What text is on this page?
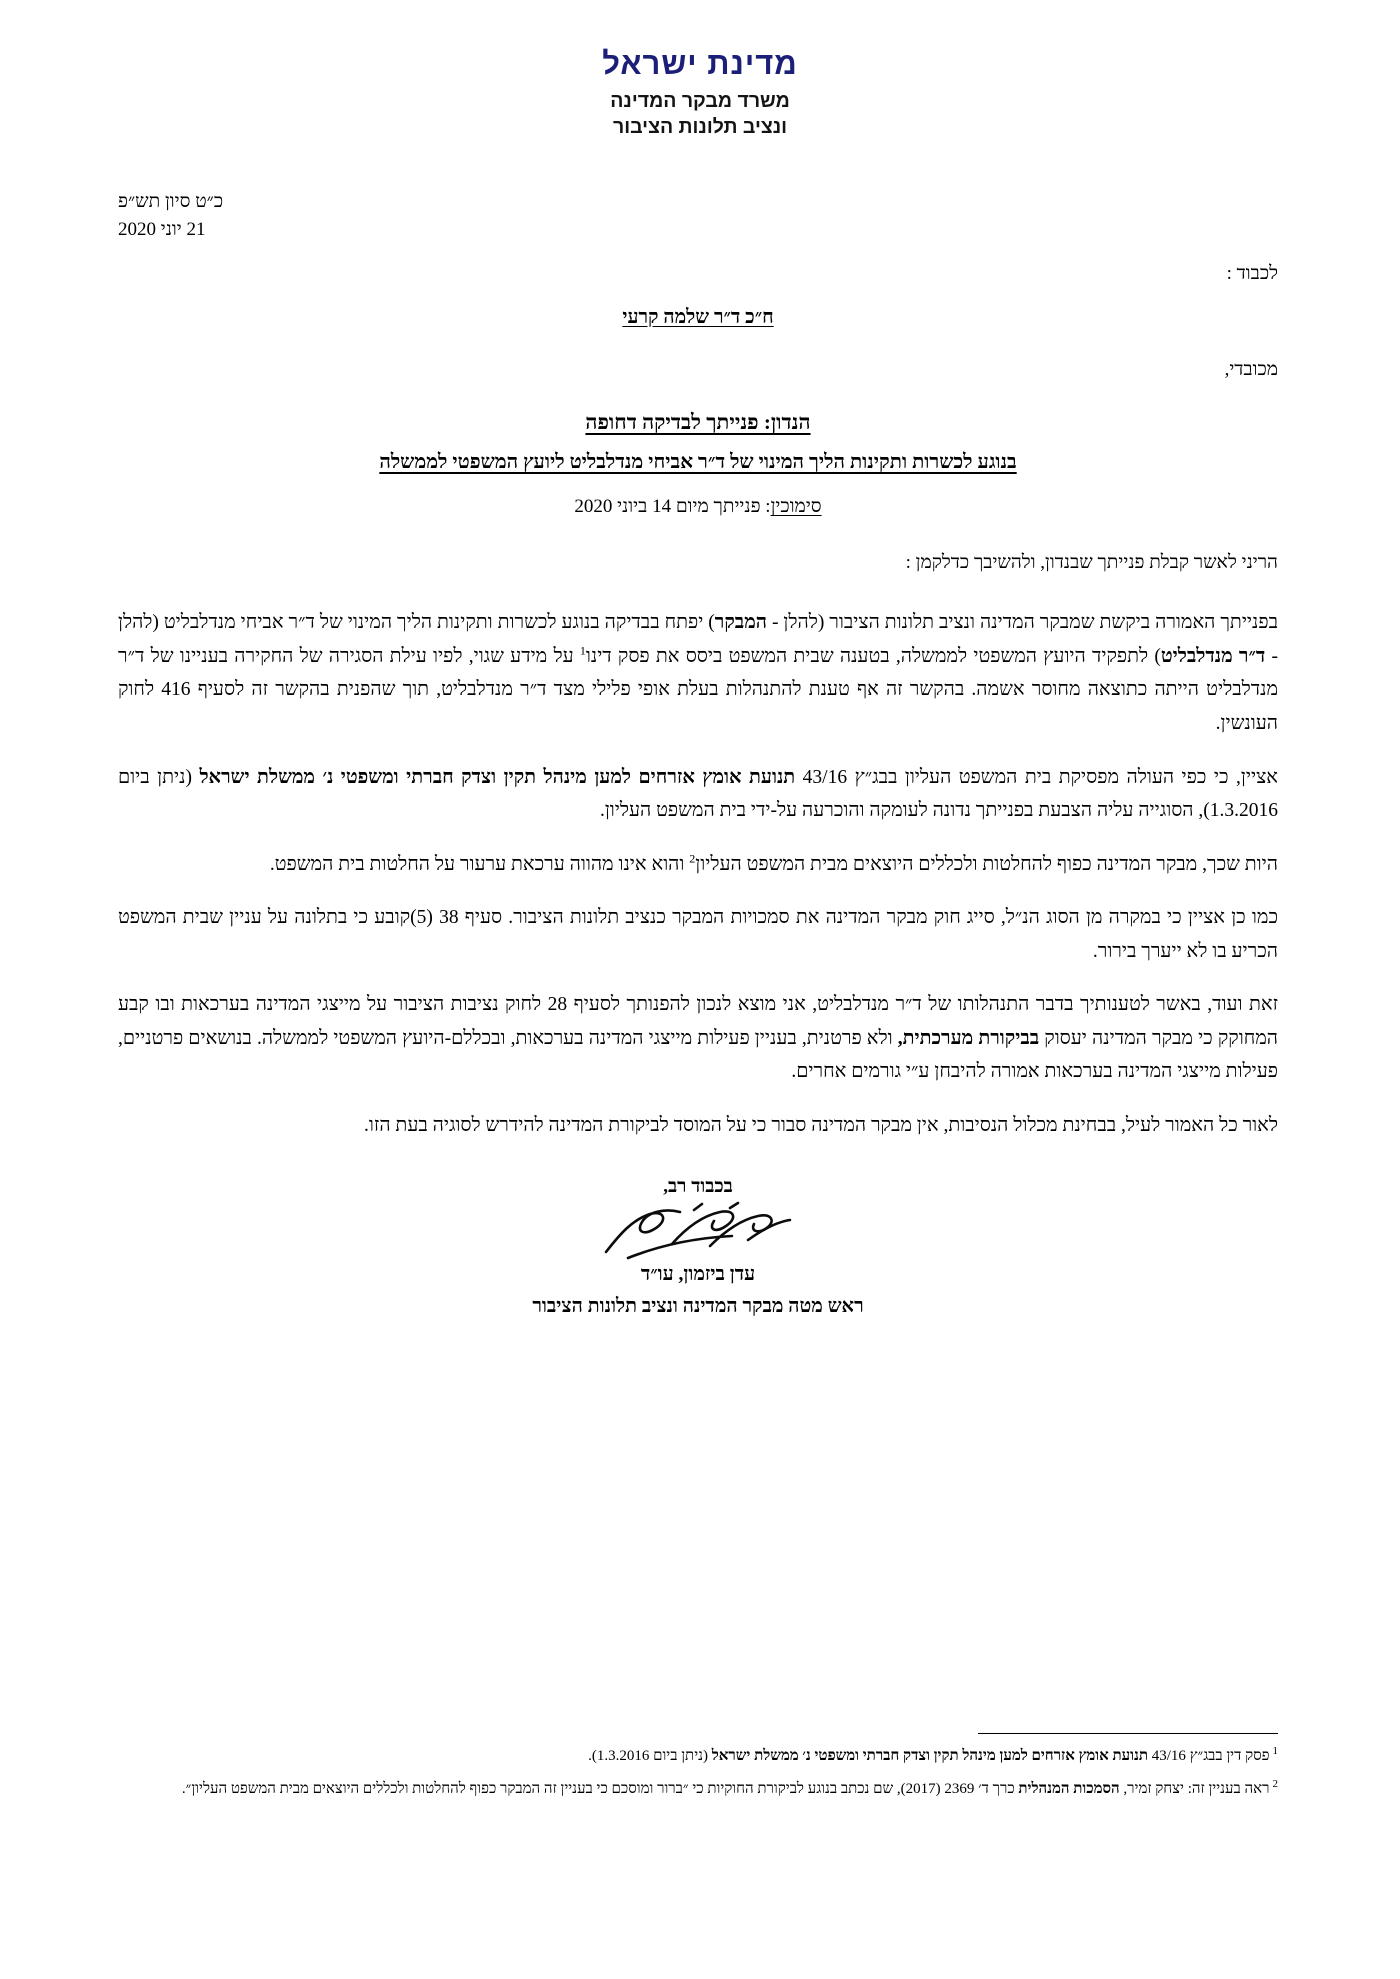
מדינת ישראל
משרד מבקר המדינה
ונציב תלונות הציבור
כ״ט סיון תש״פ
21 יוני 2020
לכבוד :
ח״כ ד״ר שלמה קרעי
מכובדי,
הנדון: פנייתך לבדיקה דחופה
בנוגע לכשרות ותקינות הליך המינוי של ד״ר אביחי מנדלבליט ליועץ המשפטי לממשלה
סימוכין: פנייתך מיום 14 ביוני 2020
הריני לאשר קבלת פנייתך שבנדון, ולהשיבך כדלקמן :

בפנייתך האמורה ביקשת שמבקר המדינה ונציב תלונות הציבור (להלן - המבקר) יפתח בבדיקה בנוגע לכשרות ותקינות הליך המינוי של ד״ר אביחי מנדלבליט (להלן - ד״ר מנדלבליט) לתפקיד היועץ המשפטי לממשלה, בטענה שבית המשפט ביסס את פסק דינו$^1$ על מידע שגוי, לפיו עילת הסגירה של החקירה בעניינו של ד״ר מנדלבליט הייתה כתוצאה מחוסר אשמה. בהקשר זה אף טענת להתנהלות בעלת אופי פלילי מצד ד״ר מנדלבליט, תוך שהפנית בהקשר זה לסעיף 416 לחוק העונשין.

אציין, כי כפי העולה מפסיקת בית המשפט העליון בבג״ץ 43/16 תנועת אומץ אזרחים למען מינהל תקין וצדק חברתי ומשפטי נ׳ ממשלת ישראל (ניתן ביום 1.3.2016), הסוגייה עליה הצבעת בפנייתך נדונה לעומקה והוכרעה על-ידי בית המשפט העליון.

היות שכך, מבקר המדינה כפוף להחלטות ולכללים היוצאים מבית המשפט העליון$^2$ והוא אינו מהווה ערכאת ערעור על החלטות בית המשפט.

כמו כן אציין כי במקרה מן הסוג הנ״ל, סייג חוק מבקר המדינה את סמכויות המבקר כנציב תלונות הציבור. סעיף 38 (5)קובע כי בתלונה על עניין שבית המשפט הכריע בו לא ייערך בירור.

זאת ועוד, באשר לטענותיך בדבר התנהלותו של ד״ר מנדלבליט, אני מוצא לנכון להפנותך לסעיף 28 לחוק נציבות הציבור על מייצגי המדינה בערכאות ובו קבע המחוקק כי מבקר המדינה יעסוק בביקורת מערכתית, ולא פרטנית, בעניין פעילות מייצגי המדינה בערכאות, ובכללם-היועץ המשפטי לממשלה. בנושאים פרטניים, פעילות מייצגי המדינה בערכאות אמורה להיבחן ע״י גורמים אחרים.

לאור כל האמור לעיל, בבחינת מכלול הנסיבות, אין מבקר המדינה סבור כי על המוסד לביקורת המדינה להידרש לסוגיה בעת הזו.

בכבוד רב,
עדן ביזמון, עו״ד
ראש מטה מבקר המדינה ונציב תלונות הציבור
$^1$פסק דין בבג״ץ 43/16 תנועת אומץ אזרחים למען מינהל תקין וצדק חברתי ומשפטי נ׳ ממשלת ישראל (ניתן ביום 1.3.2016).
$^2$ראה בעניין זה: יצחק זמיר, הסמכות המנהלית כרך ד׳ 2369 (2017), שם נכתב בנוגע לביקורת החוקיות כי ״ברור ומוסכם כי בעניין זה המבקר כפוף להחלטות ולכללים היוצאים מבית המשפט העליון״.
